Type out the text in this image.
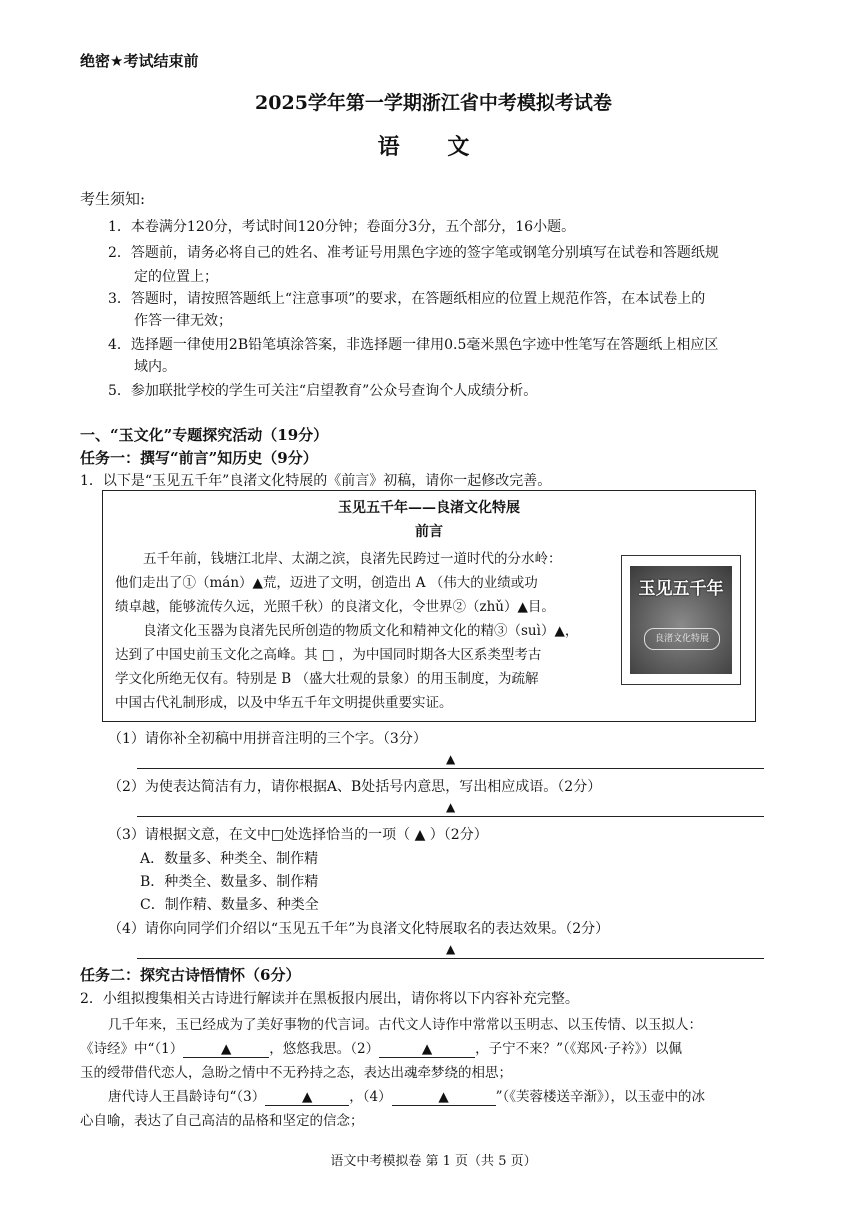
绝密★考试结束前
2025学年第一学期浙江省中考模拟考试卷
语 文
考生须知:
1．本卷满分120分，考试时间120分钟；卷面分3分，五个部分，16小题。
2．答题前，请务必将自己的姓名、准考证号用黑色字迹的签字笔或钢笔分别填写在试卷和答题纸规
定的位置上；
3．答题时，请按照答题纸上“注意事项”的要求，在答题纸相应的位置上规范作答，在本试卷上的
作答一律无效；
4．选择题一律使用2B铅笔填涂答案，非选择题一律用0.5毫米黑色字迹中性笔写在答题纸上相应区
域内。
5．参加联批学校的学生可关注“启望教育”公众号查询个人成绩分析。
一、“玉文化”专题探究活动（19分）
任务一：撰写“前言”知历史（9分）
1．以下是“玉见五千年”良渚文化特展的《前言》初稿，请你一起修改完善。
玉见五千年——良渚文化特展
前言
五千年前，钱塘江北岸、太湖之滨，良渚先民跨过一道时代的分水岭：
他们走出了①（mán）▲荒，迈进了文明，创造出 A （伟大的业绩或功
绩卓越，能够流传久远，光照千秋）的良渚文化，令世界②（zhǔ）▲目。
良渚文化玉器为良渚先民所创造的物质文化和精神文化的精③（suì）▲，
达到了中国史前玉文化之高峰。其 □ ，为中国同时期各大区系类型考古
学文化所绝无仅有。特别是 B （盛大壮观的景象）的用玉制度，为疏解
中国古代礼制形成，以及中华五千年文明提供重要实证。
玉见五千年
良渚文化特展
（1）请你补全初稿中用拼音注明的三个字。（3分）
▲
（2）为使表达简洁有力，请你根据A、B处括号内意思，写出相应成语。（2分）
▲
（3）请根据文意，在文中□处选择恰当的一项（ ▲ ）（2分）
A．数量多、种类全、制作精
B．种类全、数量多、制作精
C．制作精、数量多、种类全
（4）请你向同学们介绍以“玉见五千年”为良渚文化特展取名的表达效果。（2分）
▲
任务二：探究古诗悟情怀（6分）
2．小组拟搜集相关古诗进行解读并在黑板报内展出，请你将以下内容补充完整。
几千年来，玉已经成为了美好事物的代言词。古代文人诗作中常常以玉明志、以玉传情、以玉拟人：
《诗经》中“（1）	▲	，悠悠我思。（2）	▲	，子宁不来？”（《郑风·子衿》）以佩
玉的绶带借代恋人，急盼之情中不无矜持之态，表达出魂牵梦绕的相思；
唐代诗人王昌龄诗句“（3）	▲	，（4）	▲	”（《芙蓉楼送辛渐》），以玉壶中的冰
心自喻，表达了自己高洁的品格和坚定的信念；
语文中考模拟卷 第 1 页（共 5 页）
